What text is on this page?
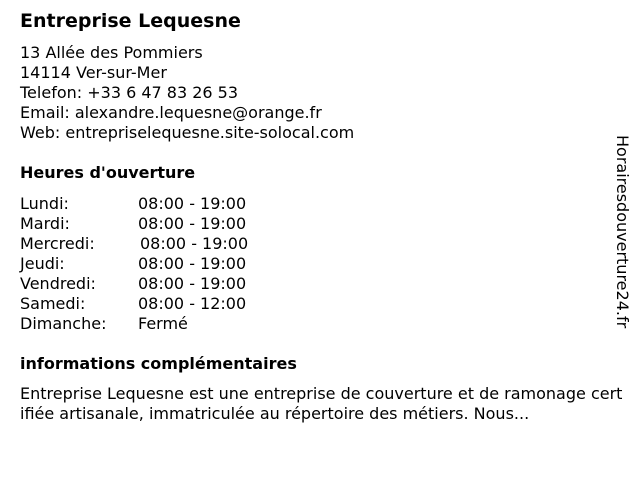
Entreprise Lequesne
13 Allée des Pommiers
14114 Ver-sur-Mer
Telefon: +33 6 47 83 26 53
Email: alexandre.lequesne@orange.fr
Web: entrepriselequesne.site-solocal.com
Heures d'ouverture
Lundi:	08:00 - 19:00
Mardi:	08:00 - 19:00
Mercredi:	08:00 - 19:00
Jeudi:	08:00 - 19:00
Vendredi:	08:00 - 19:00
Samedi:	08:00 - 12:00
Dimanche: Fermé
informations complémentaires
Entreprise Lequesne est une entreprise de couverture et de ramonage certifiée artisanale, immatriculée au répertoire des métiers. Nous...
Horairesdouverture24.fr
